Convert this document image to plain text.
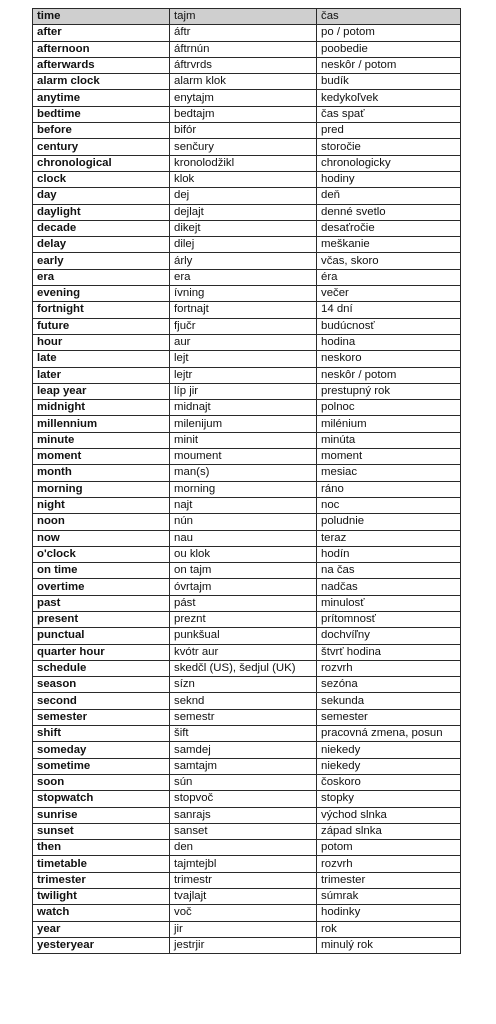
time	tajm	čas
after	áftr	po / potom
afternoon	áftrnún	poobedie
afterwards	áftrvrds	neskôr / potom
alarm clock	alarm klok	budík
anytime	enytajm	kedykoľvek
bedtime	bedtajm	čas spať
before	bifór	pred
century	senčury	storočie
chronological	kronolodžikl	chronologicky
clock	klok	hodiny
day	dej	deň
daylight	dejlajt	denné svetlo
decade	dikejt	desaťročie
delay	dilej	meškanie
early	árly	včas, skoro
era	era	éra
evening	ívning	večer
fortnight	fortnajt	14 dní
future	fjučr	budúcnosť
hour	aur	hodina
late	lejt	neskoro
later	lejtr	neskôr / potom
leap year	líp jir	prestupný rok
midnight	midnajt	polnoc
millennium	milenijum	milénium
minute	minit	minúta
moment	moument	moment
month	man(s)	mesiac
morning	morning	ráno
night	najt	noc
noon	nún	poludnie
now	nau	teraz
o'clock	ou klok	hodín
on time	on tajm	na čas
overtime	óvrtajm	nadčas
past	pást	minulosť
present	preznt	prítomnosť
punctual	punkšual	dochvíľny
quarter hour	kvótr aur	štvrť hodina
schedule	skedčl (US), šedjul (UK)	rozvrh
season	sízn	sezóna
second	seknd	sekunda
semester	semestr	semester
shift	šift	pracovná zmena, posun
someday	samdej	niekedy
sometime	samtajm	niekedy
soon	sún	čoskoro
stopwatch	stopvoč	stopky
sunrise	sanrajs	východ slnka
sunset	sanset	západ slnka
then	den	potom
timetable	tajmtejbl	rozvrh
trimester	trimestr	trimester
twilight	tvajlajt	súmrak
watch	voč	hodinky
year	jir	rok
yesteryear	jestrjir	minulý rok
